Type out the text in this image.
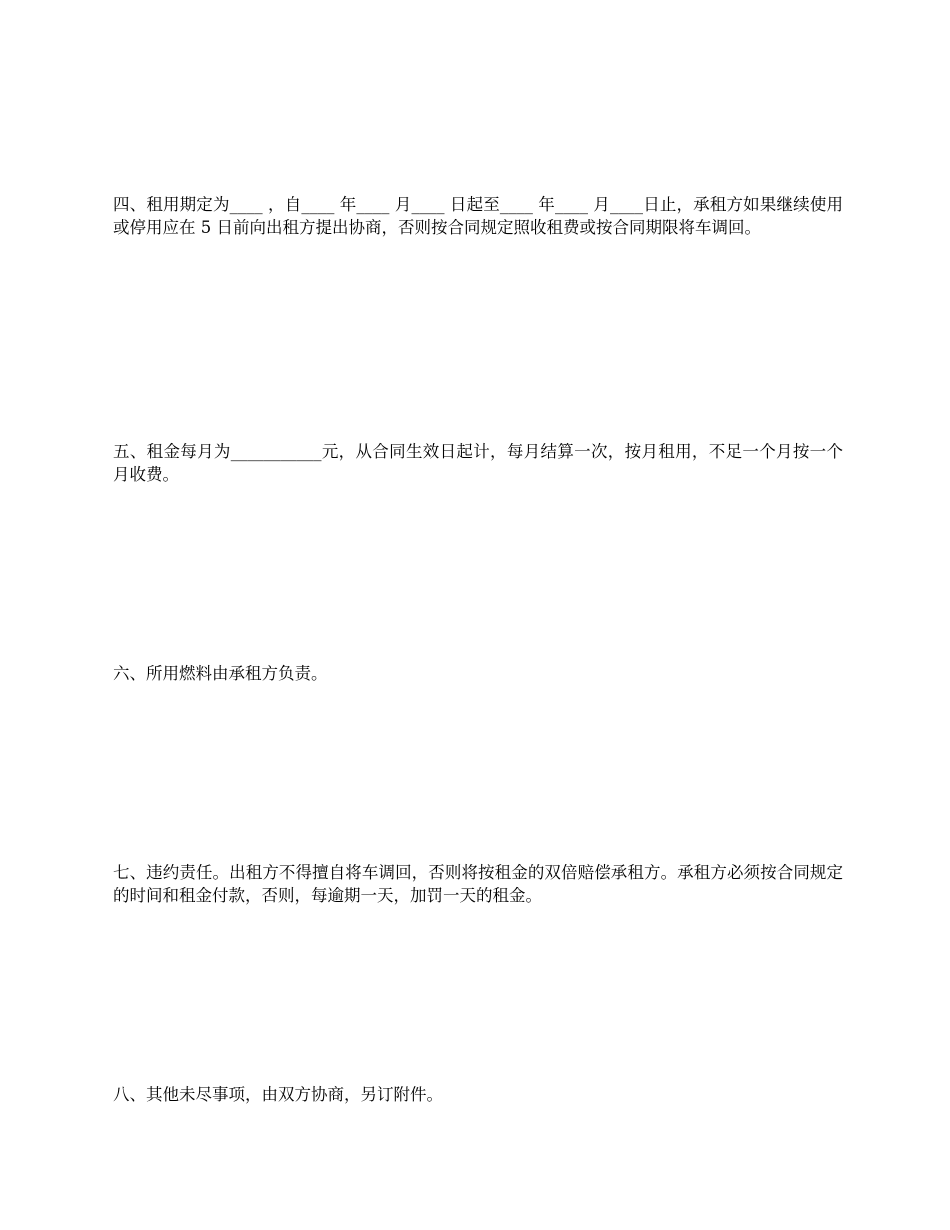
四、租用期定为____ ，自____ 年____ 月____ 日起至____ 年____ 月____日止，承租方如果继续使用或停用应在 5 日前向出租方提出协商，否则按合同规定照收租费或按合同期限将车调回。

五、租金每月为___________元，从合同生效日起计，每月结算一次，按月租用，不足一个月按一个月收费。

六、所用燃料由承租方负责。

七、违约责任。出租方不得擅自将车调回，否则将按租金的双倍赔偿承租方。承租方必须按合同规定的时间和租金付款，否则，每逾期一天，加罚一天的租金。

八、其他未尽事项，由双方协商，另订附件。
